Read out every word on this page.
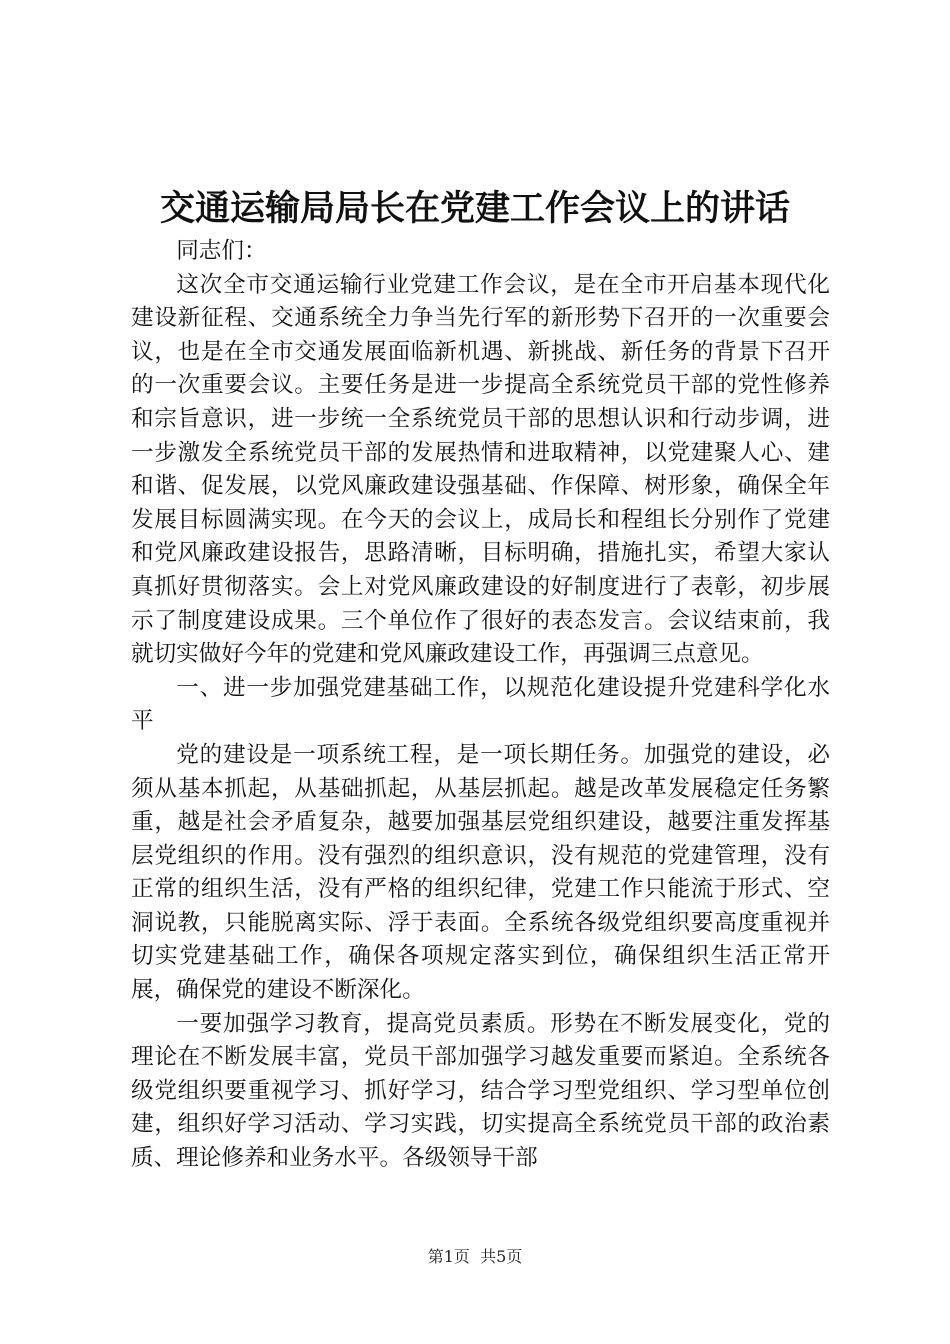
交通运输局局长在党建工作会议上的讲话

同志们：

这次全市交通运输行业党建工作会议，是在全市开启基本现代化建设新征程、交通系统全力争当先行军的新形势下召开的一次重要会议，也是在全市交通发展面临新机遇、新挑战、新任务的背景下召开的一次重要会议。主要任务是进一步提高全系统党员干部的党性修养和宗旨意识，进一步统一全系统党员干部的思想认识和行动步调，进一步激发全系统党员干部的发展热情和进取精神，以党建聚人心、建和谐、促发展，以党风廉政建设强基础、作保障、树形象，确保全年发展目标圆满实现。在今天的会议上，成局长和程组长分别作了党建和党风廉政建设报告，思路清晰，目标明确，措施扎实，希望大家认真抓好贯彻落实。会上对党风廉政建设的好制度进行了表彰，初步展示了制度建设成果。三个单位作了很好的表态发言。会议结束前，我就切实做好今年的党建和党风廉政建设工作，再强调三点意见。

一、进一步加强党建基础工作，以规范化建设提升党建科学化水平

党的建设是一项系统工程，是一项长期任务。加强党的建设，必须从基本抓起，从基础抓起，从基层抓起。越是改革发展稳定任务繁重，越是社会矛盾复杂，越要加强基层党组织建设，越要注重发挥基层党组织的作用。没有强烈的组织意识，没有规范的党建管理，没有正常的组织生活，没有严格的组织纪律，党建工作只能流于形式、空洞说教，只能脱离实际、浮于表面。全系统各级党组织要高度重视并切实党建基础工作，确保各项规定落实到位，确保组织生活正常开展，确保党的建设不断深化。

一要加强学习教育，提高党员素质。形势在不断发展变化，党的理论在不断发展丰富，党员干部加强学习越发重要而紧迫。全系统各级党组织要重视学习、抓好学习，结合学习型党组织、学习型单位创建，组织好学习活动、学习实践，切实提高全系统党员干部的政治素质、理论修养和业务水平。各级领导干部

第1页 共5页
